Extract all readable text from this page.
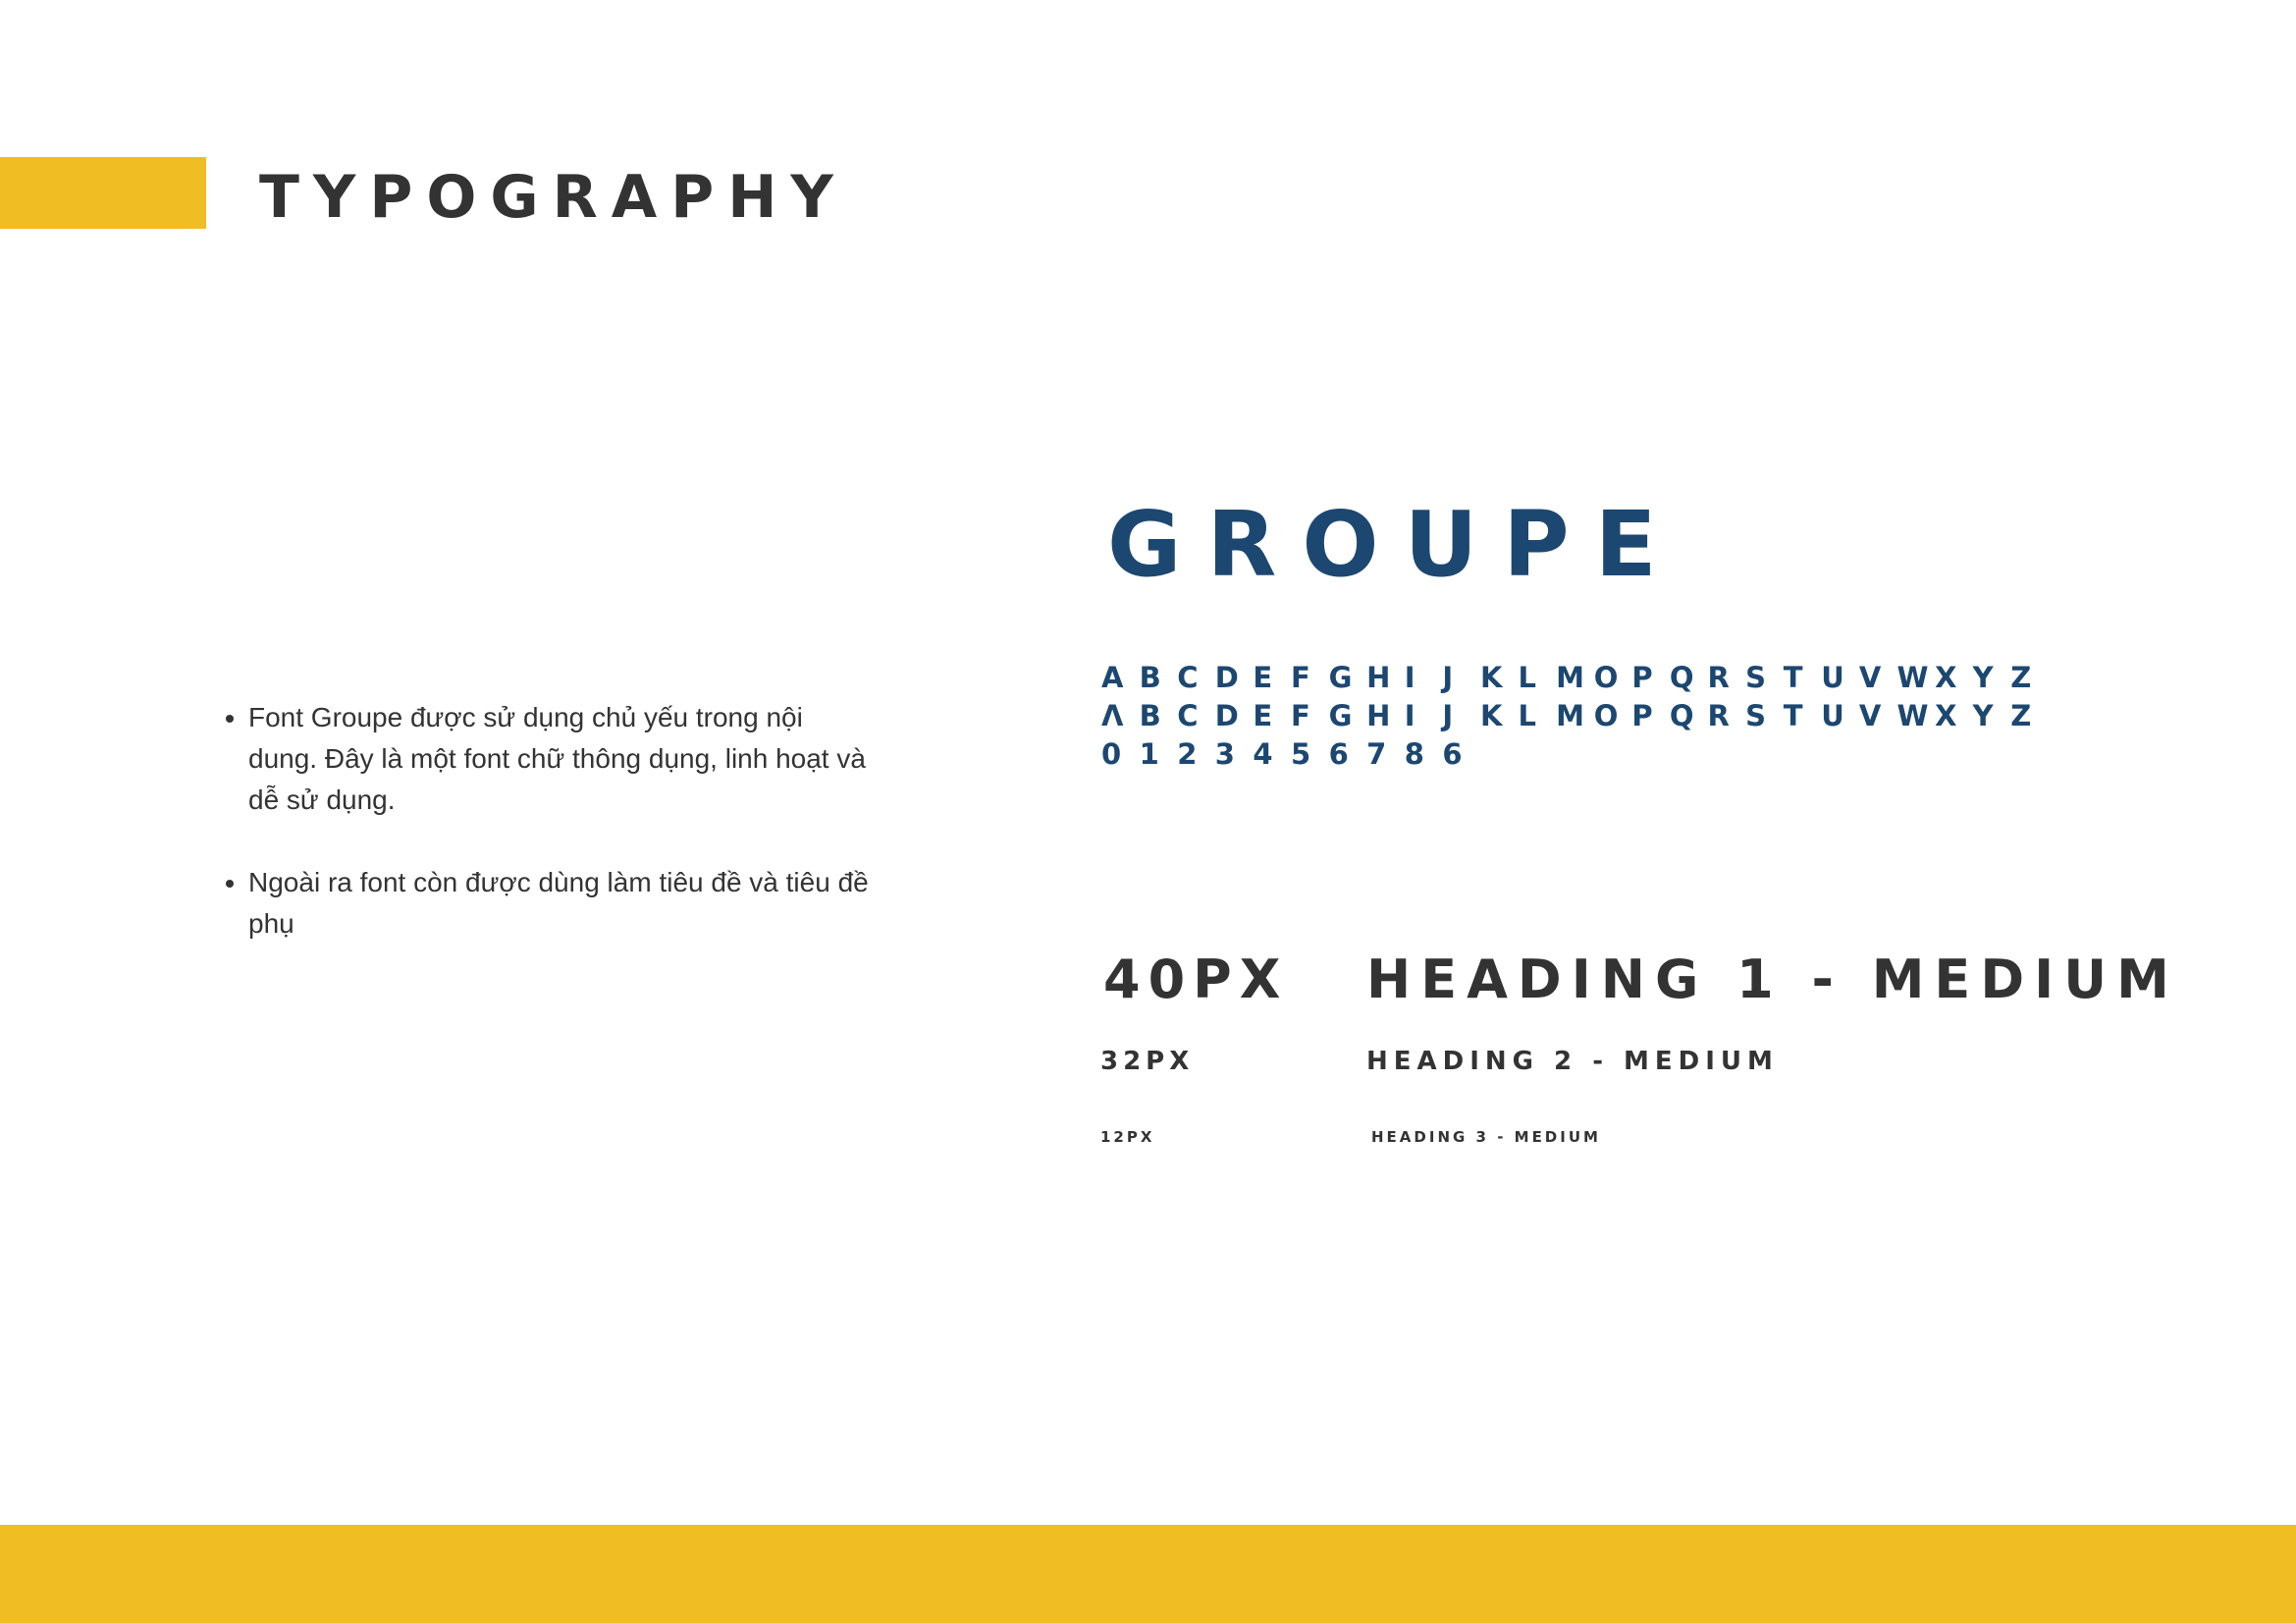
TYPOGRAPHY
• Font Groupe được sử dụng chủ yếu trong nội dung. Đây là một font chữ thông dụng, linh hoạt và dễ sử dụng.
• Ngoài ra font còn được dùng làm tiêu đề và tiêu đề phụ
GROUPE
A B C D E F G H I J K L M O P Q R S T U V W X Y Z
Λ B C D E F G H I J K L M O P Q R S T U V W X Y Z
0 1 2 3 4 5 6 7 8 6
40PX HEADING 1 - MEDIUM
32PX	HEADING 2 - MEDIUM
12PX	HEADING 3 - MEDIUM
